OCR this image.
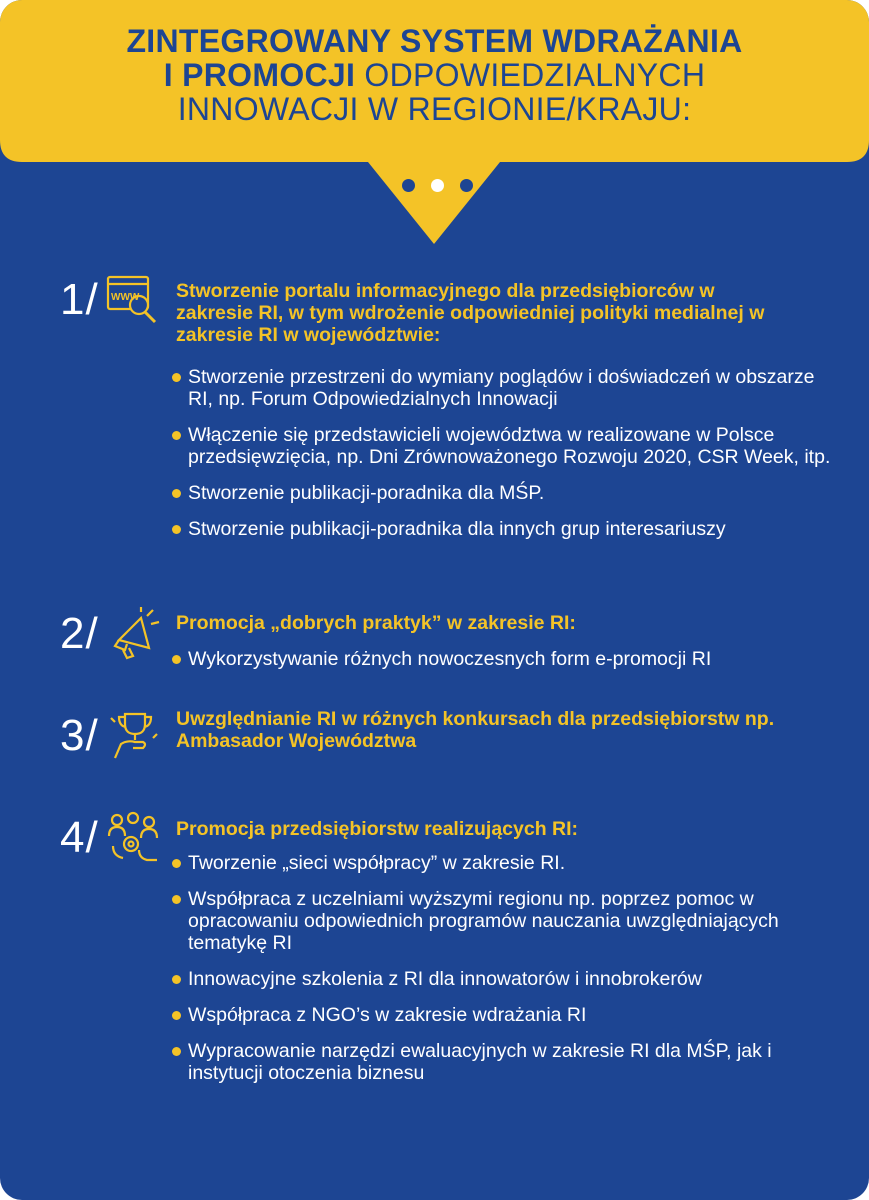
ZINTEGROWANY SYSTEM WDRAŻANIA
I PROMOCJI ODPOWIEDZIALNYCH
INNOWACJI W REGIONIE/KRAJU:
1/ WWW Stworzenie portalu informacyjnego dla przedsiębiorców w zakresie RI, w tym wdrożenie odpowiedniej polityki medialnej w zakresie RI w województwie:
Stworzenie przestrzeni do wymiany poglądów i doświadczeń w obszarze RI, np. Forum Odpowiedzialnych Innowacji
Włączenie się przedstawicieli województwa w realizowane w Polsce przedsięwzięcia, np. Dni Zrównoważonego Rozwoju 2020, CSR Week, itp.
Stworzenie publikacji-poradnika dla MŚP.
Stworzenie publikacji-poradnika dla innych grup interesariuszy
2/	Promocja „dobrych praktyk” w zakresie RI:
Wykorzystywanie różnych nowoczesnych form e-promocji RI
3/	Uwzględnianie RI w różnych konkursach dla przedsiębiorstw np. Ambasador Województwa
4/	Promocja przedsiębiorstw realizujących RI:
Tworzenie „sieci współpracy” w zakresie RI.
Współpraca z uczelniami wyższymi regionu np. poprzez pomoc w opracowaniu odpowiednich programów nauczania uwzględniających tematykę RI
Innowacyjne szkolenia z RI dla innowatorów i innobrokerów
Współpraca z NGO’s w zakresie wdrażania RI
Wypracowanie narzędzi ewaluacyjnych w zakresie RI dla MŚP, jak i instytucji otoczenia biznesu
